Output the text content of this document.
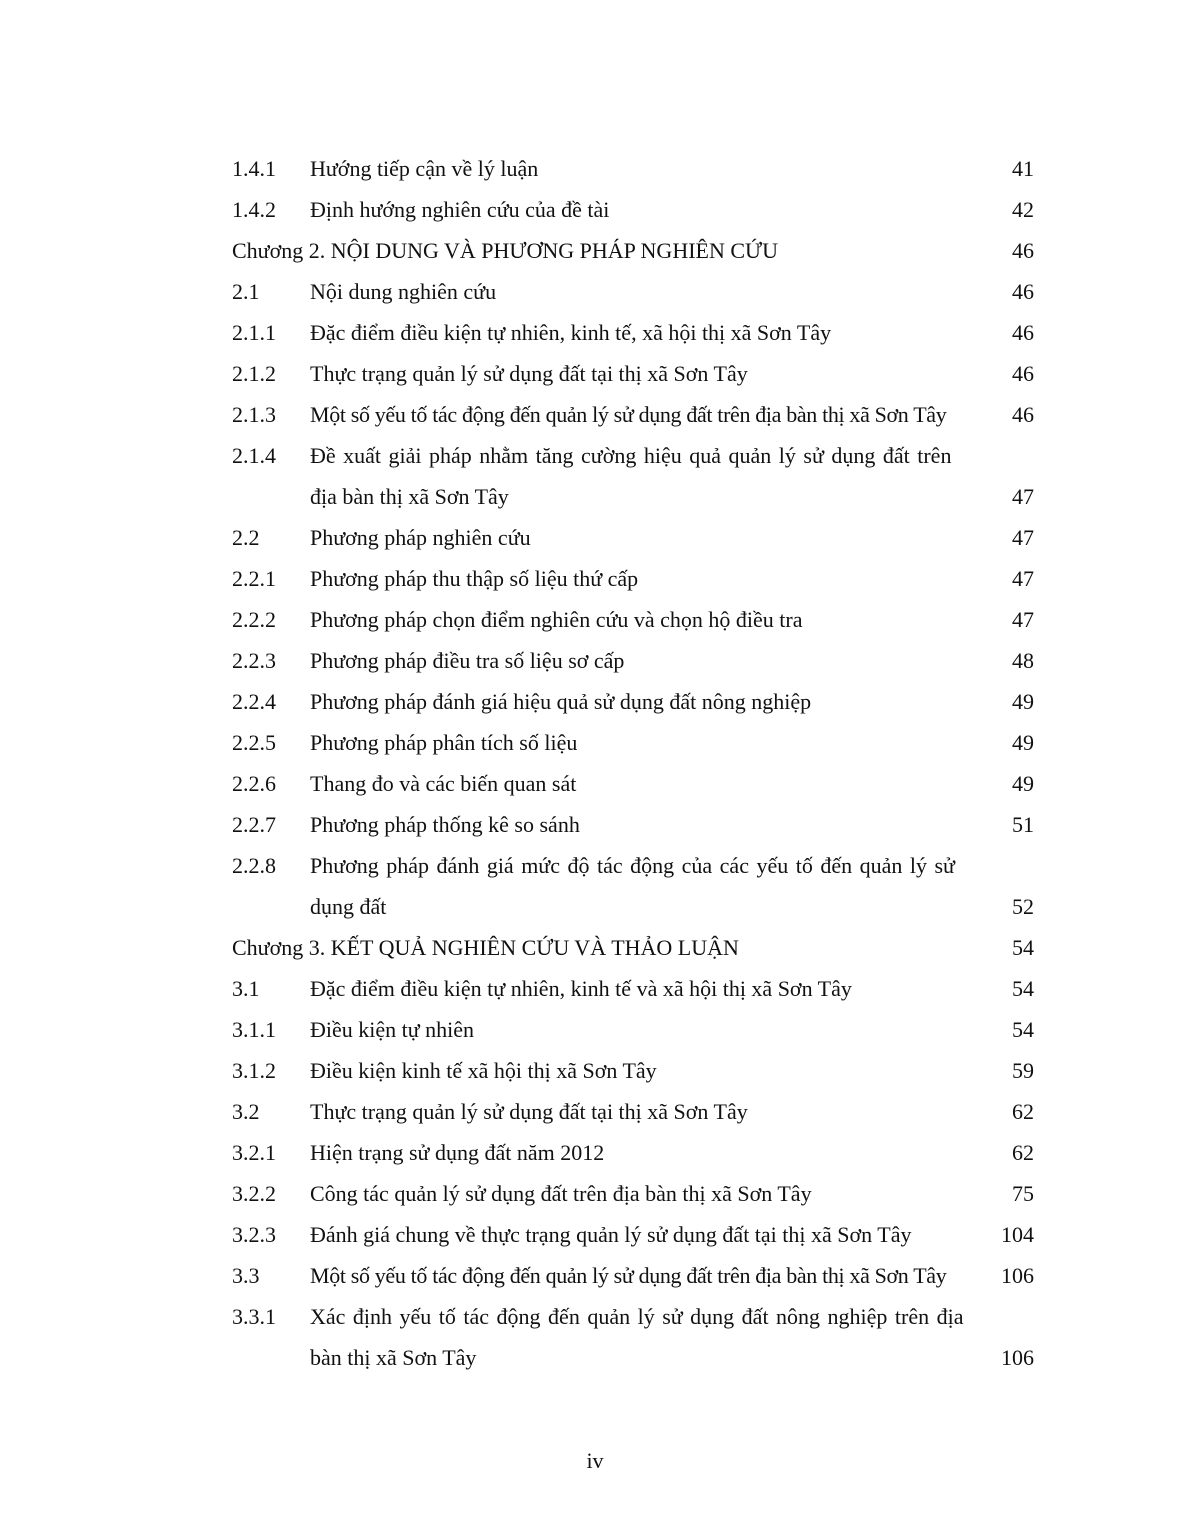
1.4.1 Hướng tiếp cận về lý luận	41
1.4.2 Định hướng nghiên cứu của đề tài	42
Chương 2. NỘI DUNG VÀ PHƯƠNG PHÁP NGHIÊN CỨU	46
2.1 Nội dung nghiên cứu	46
2.1.1 Đặc điểm điều kiện tự nhiên, kinh tế, xã hội thị xã Sơn Tây	46
2.1.2 Thực trạng quản lý sử dụng đất tại thị xã Sơn Tây	46
2.1.3 Một số yếu tố tác động đến quản lý sử dụng đất trên địa bàn thị xã Sơn Tây	46
2.1.4 Đề xuất giải pháp nhằm tăng cường hiệu quả quản lý sử dụng đất trên
địa bàn thị xã Sơn Tây	47
2.2 Phương pháp nghiên cứu	47
2.2.1 Phương pháp thu thập số liệu thứ cấp	47
2.2.2 Phương pháp chọn điểm nghiên cứu và chọn hộ điều tra	47
2.2.3 Phương pháp điều tra số liệu sơ cấp	48
2.2.4 Phương pháp đánh giá hiệu quả sử dụng đất nông nghiệp	49
2.2.5 Phương pháp phân tích số liệu	49
2.2.6 Thang đo và các biến quan sát	49
2.2.7 Phương pháp thống kê so sánh	51
2.2.8 Phương pháp đánh giá mức độ tác động của các yếu tố đến quản lý sử
dụng đất	52
Chương 3. KẾT QUẢ NGHIÊN CỨU VÀ THẢO LUẬN	54
3.1 Đặc điểm điều kiện tự nhiên, kinh tế và xã hội thị xã Sơn Tây	54
3.1.1 Điều kiện tự nhiên	54
3.1.2 Điều kiện kinh tế xã hội thị xã Sơn Tây	59
3.2 Thực trạng quản lý sử dụng đất tại thị xã Sơn Tây	62
3.2.1 Hiện trạng sử dụng đất năm 2012	62
3.2.2 Công tác quản lý sử dụng đất trên địa bàn thị xã Sơn Tây	75
3.2.3 Đánh giá chung về thực trạng quản lý sử dụng đất tại thị xã Sơn Tây	104
3.3 Một số yếu tố tác động đến quản lý sử dụng đất trên địa bàn thị xã Sơn Tây 106
3.3.1 Xác định yếu tố tác động đến quản lý sử dụng đất nông nghiệp trên địa
bàn thị xã Sơn Tây	106
iv
